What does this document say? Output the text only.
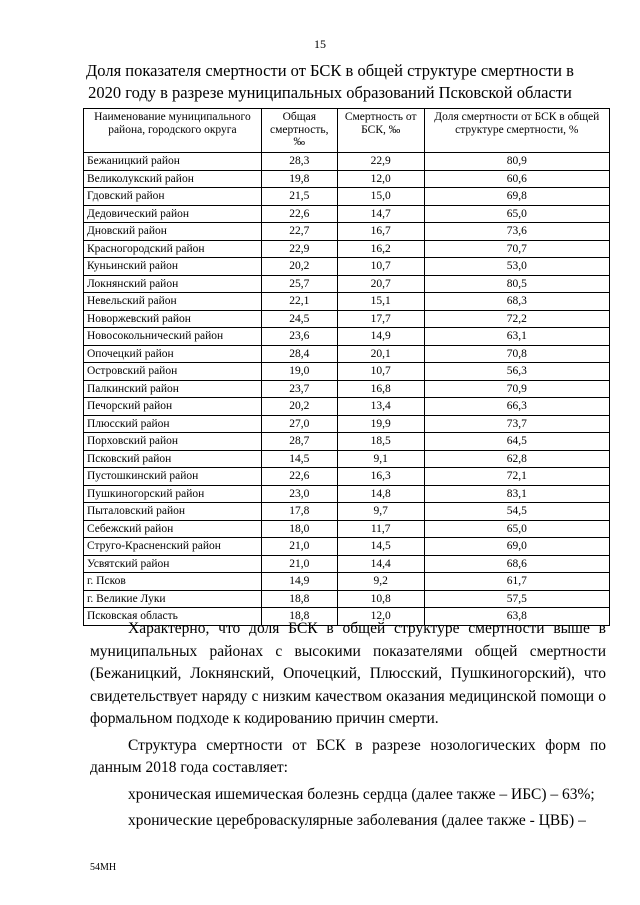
15
Доля показателя смертности от БСК в общей структуре смертности в 2020 году в разрезе муниципальных образований Псковской области
Наименование муниципального района, городского округа	Общая смертность, ‰	Смертность от БСК, ‰	Доля смертности от БСК в общей структуре смертности, %
Бежаницкий район	28,3	22,9	80,9
Великолукский район	19,8	12,0	60,6
Гдовский район	21,5	15,0	69,8
Дедовический район	22,6	14,7	65,0
Дновский район	22,7	16,7	73,6
Красногородский район	22,9	16,2	70,7
Куньинский район	20,2	10,7	53,0
Локнянский район	25,7	20,7	80,5
Невельский район	22,1	15,1	68,3
Новоржевский район	24,5	17,7	72,2
Новосокольнический район	23,6	14,9	63,1
Опочецкий район	28,4	20,1	70,8
Островский район	19,0	10,7	56,3
Палкинский район	23,7	16,8	70,9
Печорский район	20,2	13,4	66,3
Плюсский район	27,0	19,9	73,7
Порховский район	28,7	18,5	64,5
Псковский район	14,5	9,1	62,8
Пустошкинский район	22,6	16,3	72,1
Пушкиногорский район	23,0	14,8	83,1
Пыталовский район	17,8	9,7	54,5
Себежский район	18,0	11,7	65,0
Струго-Красненский район	21,0	14,5	69,0
Усвятский район	21,0	14,4	68,6
г. Псков	14,9	9,2	61,7
г. Великие Луки	18,8	10,8	57,5
Псковская область	18,8	12,0	63,8

Характерно, что доля БСК в общей структуре смертности выше в муниципальных районах с высокими показателями общей смертности (Бежаницкий, Локнянский, Опочецкий, Плюсский, Пушкиногорский), что свидетельствует наряду с низким качеством оказания медицинской помощи о формальном подходе к кодированию причин смерти.

Структура смертности от БСК в разрезе нозологических форм по данным 2018 года составляет:

хроническая ишемическая болезнь сердца (далее также – ИБС) – 63%;

хронические цереброваскулярные заболевания (далее также - ЦВБ) –

54МН
